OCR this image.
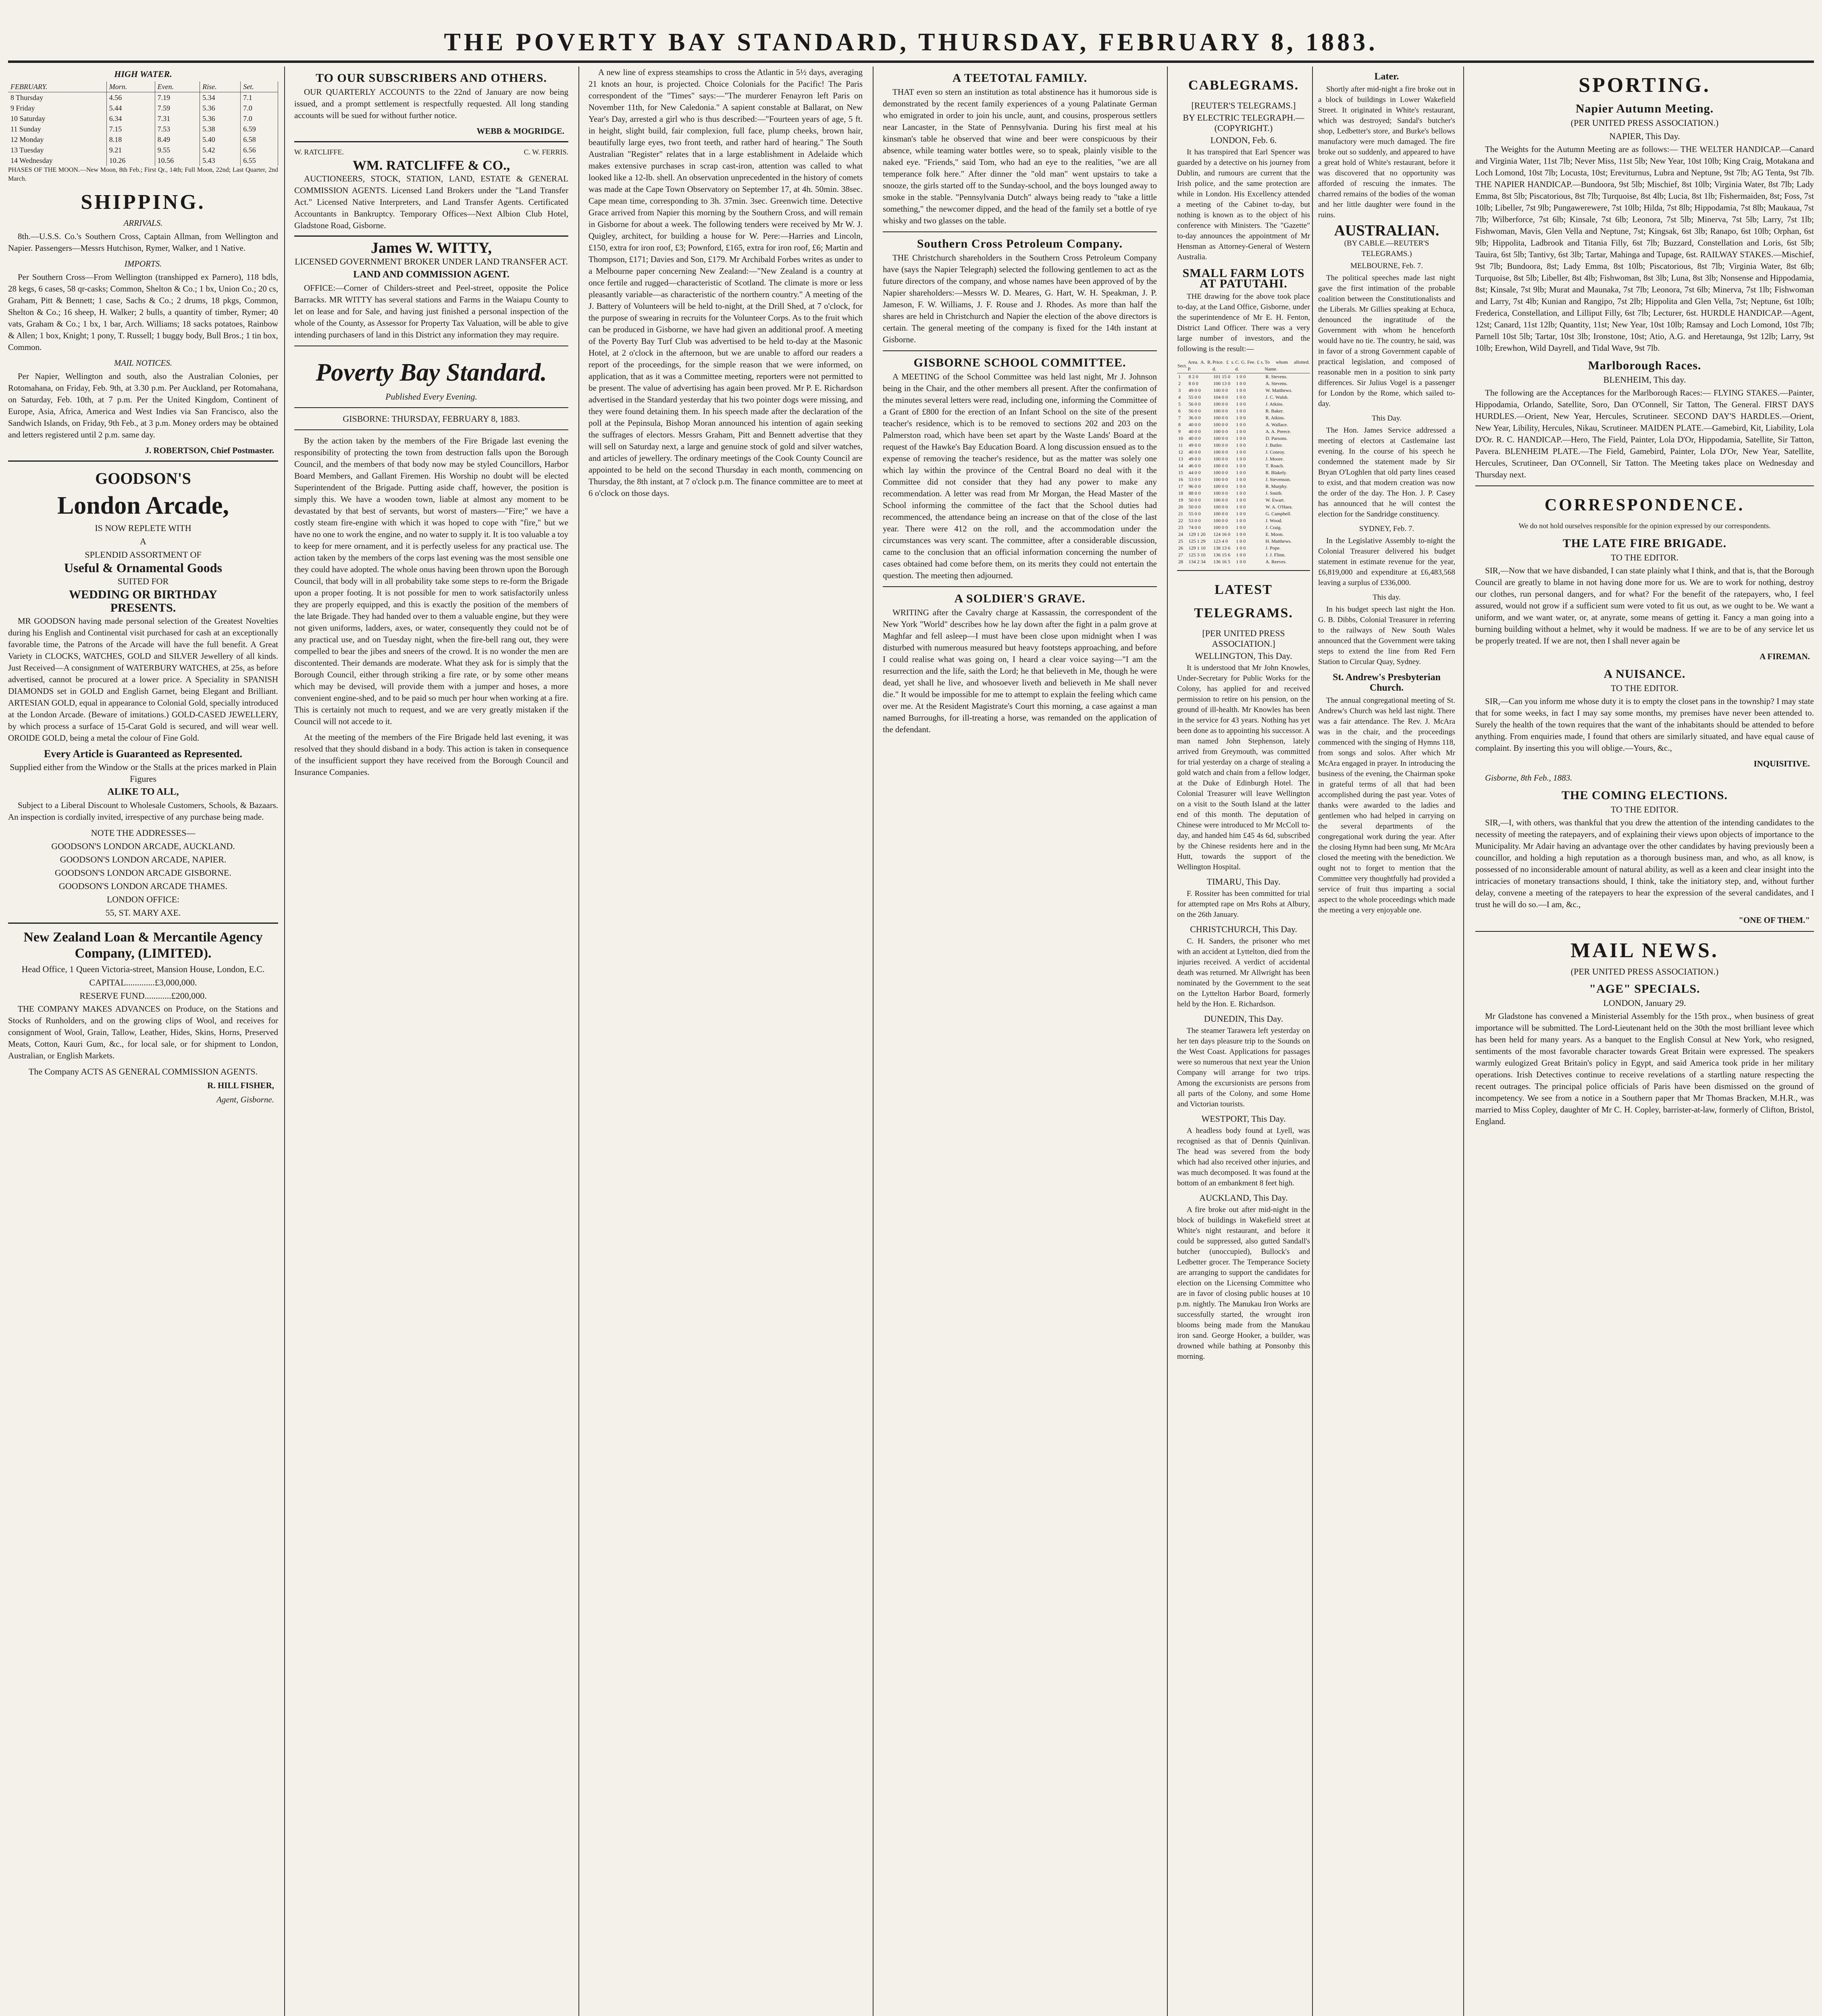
THE POVERTY BAY STANDARD, THURSDAY, FEBRUARY 8, 1883.
HIGH WATER.
FEBRUARY.	Morn.	Even.	Rise.	Set.
8 Thursday	4.56	7.19	5.34	7.1
9 Friday	5.44	7.59	5.36	7.0
10 Saturday	6.34	7.31	5.36	7.0
11 Sunday	7.15	7.53	5.38	6.59
12 Monday	8.18	8.49	5.40	6.58
13 Tuesday	9.21	9.55	5.42	6.56
14 Wednesday	10.26	10.56	5.43	6.55
PHASES OF THE MOON.—New Moon, 8th Feb.; First Qr., 14th; Full Moon, 22nd; Last Quarter, 2nd March.
SHIPPING.
ARRIVALS.

8th.—U.S.S. Co.'s Southern Cross, Captain Allman, from Wellington and Napier. Passengers—Messrs Hutchison, Rymer, Walker, and 1 Native.

IMPORTS.

Per Southern Cross—From Wellington (transhipped ex Parnero), 118 bdls, 28 kegs, 6 cases, 58 qr-casks; Common, Shelton & Co.; 1 bx, Union Co.; 20 cs, Graham, Pitt & Bennett; 1 case, Sachs & Co.; 2 drums, 18 pkgs, Common, Shelton & Co.; 16 sheep, H. Walker; 2 bulls, a quantity of timber, Rymer; 40 vats, Graham & Co.; 1 bx, 1 bar, Arch. Williams; 18 sacks potatoes, Rainbow & Allen; 1 box, Knight; 1 pony, T. Russell; 1 buggy body, Bull Bros.; 1 tin box, Common.

MAIL NOTICES.

Per Napier, Wellington and south, also the Australian Colonies, per Rotomahana, on Friday, Feb. 9th, at 3.30 p.m. Per Auckland, per Rotomahana, on Saturday, Feb. 10th, at 7 p.m. Per the United Kingdom, Continent of Europe, Asia, Africa, America and West Indies via San Francisco, also the Sandwich Islands, on Friday, 9th Feb., at 3 p.m. Money orders may be obtained and letters registered until 2 p.m. same day.

J. ROBERTSON, Chief Postmaster.

GOODSON'S
London Arcade,
IS NOW REPLETE WITH
A
SPLENDID ASSORTMENT OF
Useful & Ornamental Goods
SUITED FOR
WEDDING OR BIRTHDAY
PRESENTS.

MR GOODSON having made personal selection of the Greatest Novelties during his English and Continental visit purchased for cash at an exceptionally favorable time, the Patrons of the Arcade will have the full benefit. A Great Variety in CLOCKS, WATCHES, GOLD and SILVER Jewellery of all kinds. Just Received—A consignment of WATERBURY WATCHES, at 25s, as before advertised, cannot be procured at a lower price. A Speciality in SPANISH DIAMONDS set in GOLD and English Garnet, being Elegant and Brilliant. ARTESIAN GOLD, equal in appearance to Colonial Gold, specially introduced at the London Arcade. (Beware of imitations.) GOLD-CASED JEWELLERY, by which process a surface of 15-Carat Gold is secured, and will wear well. OROIDE GOLD, being a metal the colour of Fine Gold.

Every Article is Guaranteed as Represented.
Supplied either from the Window or the Stalls at the prices marked in Plain Figures
ALIKE TO ALL,

Subject to a Liberal Discount to Wholesale Customers, Schools, & Bazaars. An inspection is cordially invited, irrespective of any purchase being made.

NOTE THE ADDRESSES—
GOODSON'S LONDON ARCADE, AUCKLAND.
GOODSON'S LONDON ARCADE, NAPIER.
GOODSON'S LONDON ARCADE GISBORNE.
GOODSON'S LONDON ARCADE THAMES.
LONDON OFFICE:
55, ST. MARY AXE.
New Zealand Loan & Mercantile Agency Company, (LIMITED).
Head Office, 1 Queen Victoria-street, Mansion House, London, E.C.
CAPITAL.............£3,000,000.
RESERVE FUND............£200,000.

THE COMPANY MAKES ADVANCES on Produce, on the Stations and Stocks of Runholders, and on the growing clips of Wool, and receives for consignment of Wool, Grain, Tallow, Leather, Hides, Skins, Horns, Preserved Meats, Cotton, Kauri Gum, &c., for local sale, or for shipment to London, Australian, or English Markets.

The Company ACTS AS GENERAL COMMISSION AGENTS.

R. HILL FISHER,

Agent, Gisborne.

TO OUR SUBSCRIBERS AND OTHERS.

OUR QUARTERLY ACCOUNTS to the 22nd of January are now being issued, and a prompt settlement is respectfully requested. All long standing accounts will be sued for without further notice.

WEBB & MOGRIDGE.

W. RATCLIFFE.	C. W. FERRIS.
WM. RATCLIFFE & CO.,

AUCTIONEERS, STOCK, STATION, LAND, ESTATE & GENERAL COMMISSION AGENTS. Licensed Land Brokers under the "Land Transfer Act." Licensed Native Interpreters, and Land Transfer Agents. Certificated Accountants in Bankruptcy. Temporary Offices—Next Albion Club Hotel, Gladstone Road, Gisborne.

James W. WITTY,
LICENSED GOVERNMENT BROKER UNDER LAND TRANSFER ACT.
LAND AND COMMISSION AGENT.

OFFICE:—Corner of Childers-street and Peel-street, opposite the Police Barracks. MR WITTY has several stations and Farms in the Waiapu County to let on lease and for Sale, and having just finished a personal inspection of the whole of the County, as Assessor for Property Tax Valuation, will be able to give intending purchasers of land in this District any information they may require.

Poverty Bay Standard.
Published Every Evening.
GISBORNE: THURSDAY, FEBRUARY 8, 1883.

By the action taken by the members of the Fire Brigade last evening the responsibility of protecting the town from destruction falls upon the Borough Council, and the members of that body now may be styled Councillors, Harbor Board Members, and Gallant Firemen. His Worship no doubt will be elected Superintendent of the Brigade. Putting aside chaff, however, the position is simply this. We have a wooden town, liable at almost any moment to be devastated by that best of servants, but worst of masters—"Fire;" we have a costly steam fire-engine with which it was hoped to cope with "fire," but we have no one to work the engine, and no water to supply it. It is too valuable a toy to keep for mere ornament, and it is perfectly useless for any practical use. The action taken by the members of the corps last evening was the most sensible one they could have adopted. The whole onus having been thrown upon the Borough Council, that body will in all probability take some steps to re-form the Brigade upon a proper footing. It is not possible for men to work satisfactorily unless they are properly equipped, and this is exactly the position of the members of the late Brigade. They had handed over to them a valuable engine, but they were not given uniforms, ladders, axes, or water, consequently they could not be of any practical use, and on Tuesday night, when the fire-bell rang out, they were compelled to bear the jibes and sneers of the crowd. It is no wonder the men are discontented. Their demands are moderate. What they ask for is simply that the Borough Council, either through striking a fire rate, or by some other means which may be devised, will provide them with a jumper and hoses, a more convenient engine-shed, and to be paid so much per hour when working at a fire. This is certainly not much to request, and we are very greatly mistaken if the Council will not accede to it.

At the meeting of the members of the Fire Brigade held last evening, it was resolved that they should disband in a body. This action is taken in consequence of the insufficient support they have received from the Borough Council and Insurance Companies.

A new line of express steamships to cross the Atlantic in 5½ days, averaging 21 knots an hour, is projected. Choice Colonials for the Pacific! The Paris correspondent of the "Times" says:—"The murderer Fenayron left Paris on November 11th, for New Caledonia." A sapient constable at Ballarat, on New Year's Day, arrested a girl who is thus described:—"Fourteen years of age, 5 ft. in height, slight build, fair complexion, full face, plump cheeks, brown hair, beautifully large eyes, two front teeth, and rather hard of hearing." The South Australian "Register" relates that in a large establishment in Adelaide which makes extensive purchases in scrap cast-iron, attention was called to what looked like a 12-lb. shell. An observation unprecedented in the history of comets was made at the Cape Town Observatory on September 17, at 4h. 50min. 38sec. Cape mean time, corresponding to 3h. 37min. 3sec. Greenwich time. Detective Grace arrived from Napier this morning by the Southern Cross, and will remain in Gisborne for about a week. The following tenders were received by Mr W. J. Quigley, architect, for building a house for W. Pere:—Harries and Lincoln, £150, extra for iron roof, £3; Pownford, £165, extra for iron roof, £6; Martin and Thompson, £171; Davies and Son, £179. Mr Archibald Forbes writes as under to a Melbourne paper concerning New Zealand:—"New Zealand is a country at once fertile and rugged—characteristic of Scotland. The climate is more or less pleasantly variable—as characteristic of the northern country." A meeting of the J. Battery of Volunteers will be held to-night, at the Drill Shed, at 7 o'clock, for the purpose of swearing in recruits for the Volunteer Corps. As to the fruit which can be produced in Gisborne, we have had given an additional proof. A meeting of the Poverty Bay Turf Club was advertised to be held to-day at the Masonic Hotel, at 2 o'clock in the afternoon, but we are unable to afford our readers a report of the proceedings, for the simple reason that we were informed, on application, that as it was a Committee meeting, reporters were not permitted to be present. The value of advertising has again been proved. Mr P. E. Richardson advertised in the Standard yesterday that his two pointer dogs were missing, and they were found detaining them. In his speech made after the declaration of the poll at the Pepinsula, Bishop Moran announced his intention of again seeking the suffrages of electors. Messrs Graham, Pitt and Bennett advertise that they will sell on Saturday next, a large and genuine stock of gold and silver watches, and articles of jewellery. The ordinary meetings of the Cook County Council are appointed to be held on the second Thursday in each month, commencing on Thursday, the 8th instant, at 7 o'clock p.m. The finance committee are to meet at 6 o'clock on those days.

A TEETOTAL FAMILY.

THAT even so stern an institution as total abstinence has it humorous side is demonstrated by the recent family experiences of a young Palatinate German who emigrated in order to join his uncle, aunt, and cousins, prosperous settlers near Lancaster, in the State of Pennsylvania. During his first meal at his kinsman's table he observed that wine and beer were conspicuous by their absence, while teaming water bottles were, so to speak, plainly visible to the naked eye. "Friends," said Tom, who had an eye to the realities, "we are all temperance folk here." After dinner the "old man" went upstairs to take a snooze, the girls started off to the Sunday-school, and the boys lounged away to smoke in the stable. "Pennsylvania Dutch" always being ready to "take a little something," the newcomer dipped, and the head of the family set a bottle of rye whisky and two glasses on the table.

Southern Cross Petroleum Company.

THE Christchurch shareholders in the Southern Cross Petroleum Company have (says the Napier Telegraph) selected the following gentlemen to act as the future directors of the company, and whose names have been approved of by the Napier shareholders:—Messrs W. D. Meares, G. Hart, W. H. Speakman, J. P. Jameson, F. W. Williams, J. F. Rouse and J. Rhodes. As more than half the shares are held in Christchurch and Napier the election of the above directors is certain. The general meeting of the company is fixed for the 14th instant at Gisborne.

GISBORNE SCHOOL COMMITTEE.

A MEETING of the School Committee was held last night, Mr J. Johnson being in the Chair, and the other members all present. After the confirmation of the minutes several letters were read, including one, informing the Committee of a Grant of £800 for the erection of an Infant School on the site of the present teacher's residence, which is to be removed to sections 202 and 203 on the Palmerston road, which have been set apart by the Waste Lands' Board at the request of the Hawke's Bay Education Board. A long discussion ensued as to the expense of removing the teacher's residence, but as the matter was solely one which lay within the province of the Central Board no deal with it the Committee did not consider that they had any power to make any recommendation. A letter was read from Mr Morgan, the Head Master of the School informing the committee of the fact that the School duties had recommenced, the attendance being an increase on that of the close of the last year. There were 412 on the roll, and the accommodation under the circumstances was very scant. The committee, after a considerable discussion, came to the conclusion that an official information concerning the number of cases obtained had come before them, on its merits they could not entertain the question. The meeting then adjourned.

A SOLDIER'S GRAVE.

WRITING after the Cavalry charge at Kassassin, the correspondent of the New York "World" describes how he lay down after the fight in a palm grove at Maghfar and fell asleep—I must have been close upon midnight when I was disturbed with numerous measured but heavy footsteps approaching, and before I could realise what was going on, I heard a clear voice saying—"I am the resurrection and the life, saith the Lord; he that believeth in Me, though he were dead, yet shall he live, and whosoever liveth and believeth in Me shall never die." It would be impossible for me to attempt to explain the feeling which came over me. At the Resident Magistrate's Court this morning, a case against a man named Burroughs, for ill-treating a horse, was remanded on the application of the defendant.

CABLEGRAMS.
[REUTER'S TELEGRAMS.]
BY ELECTRIC TELEGRAPH.—(COPYRIGHT.)
LONDON, Feb. 6.

It has transpired that Earl Spencer was guarded by a detective on his journey from Dublin, and rumours are current that the Irish police, and the same protection are while in London. His Excellency attended a meeting of the Cabinet to-day, but nothing is known as to the object of his conference with Ministers. The "Gazette" to-day announces the appointment of Mr Hensman as Attorney-General of Western Australia.

SMALL FARM LOTS AT PATUTAHI.

THE drawing for the above took place to-day, at the Land Office, Gisborne, under the superintendence of Mr E. H. Fenton, District Land Officer. There was a very large number of investors, and the following is the result:—

Sect.	Area. A. R. P.	Price. £ s. d.	C. G. Fee. £ s. d.	To whom allotted. Name.
1	8 2 0	101 15 0	1 0 0	R. Stevens.
2	8 0 0	100 13 0	1 0 0	A. Stevens.
3	49 0 0	100 0 0	1 0 0	W. Matthews.
4	55 0 0	104 0 0	1 0 0	J. C. Walsh.
5	56 0 0	100 0 0	1 0 0	J. Atkins.
6	56 0 0	100 0 0	1 0 0	R. Baker.
7	36 0 0	100 0 0	1 0 0	R. Atkins.
8	40 0 0	100 0 0	1 0 0	A. Wallace.
9	40 0 0	100 0 0	1 0 0	A. A. Preece.
10	40 0 0	100 0 0	1 0 0	D. Parsons.
11	49 0 0	100 0 0	1 0 0	J. Butler.
12	40 0 0	100 0 0	1 0 0	J. Conroy.
13	49 0 0	100 0 0	1 0 0	J. Moore.
14	46 0 0	100 0 0	1 0 0	T. Roach.
15	44 0 0	100 0 0	1 0 0	R. Blakely.
16	53 0 0	100 0 0	1 0 0	J. Stevenson.
17	96 0 0	100 0 0	1 0 0	R. Murphy.
18	88 0 0	100 0 0	1 0 0	J. Smith.
19	50 0 0	100 0 0	1 0 0	W. Ewart.
20	50 0 0	100 0 0	1 0 0	W. A. O'Hara.
21	55 0 0	100 0 0	1 0 0	G. Campbell.
22	53 0 0	100 0 0	1 0 0	J. Wood.
23	74 0 0	100 0 0	1 0 0	J. Craig.
24	129 1 20	124 16 0	1 0 0	E. Moon.
25	125 1 29	123 4 0	1 0 0	H. Matthews.
26	129 1 10	138 13 6	1 0 0	J. Pope.
27	125 3 10	136 15 6	1 0 0	J. J. Flinn.
28	134 2 34	136 16 5	1 0 0	A. Reeves.
LATEST TELEGRAMS.
[PER UNITED PRESS ASSOCIATION.]
WELLINGTON, This Day.

It is understood that Mr John Knowles, Under-Secretary for Public Works for the Colony, has applied for and received permission to retire on his pension, on the ground of ill-health. Mr Knowles has been in the service for 43 years. Nothing has yet been done as to appointing his successor. A man named John Stephenson, lately arrived from Greymouth, was committed for trial yesterday on a charge of stealing a gold watch and chain from a fellow lodger, at the Duke of Edinburgh Hotel. The Colonial Treasurer will leave Wellington on a visit to the South Island at the latter end of this month. The deputation of Chinese were introduced to Mr McColl to-day, and handed him £45 4s 6d, subscribed by the Chinese residents here and in the Hutt, towards the support of the Wellington Hospital.

TIMARU, This Day.

F. Rossiter has been committed for trial for attempted rape on Mrs Rohs at Albury, on the 26th January.

CHRISTCHURCH, This Day.

C. H. Sanders, the prisoner who met with an accident at Lyttelton, died from the injuries received. A verdict of accidental death was returned. Mr Allwright has been nominated by the Government to the seat on the Lyttelton Harbor Board, formerly held by the Hon. E. Richardson.

DUNEDIN, This Day.

The steamer Tarawera left yesterday on her ten days pleasure trip to the Sounds on the West Coast. Applications for passages were so numerous that next year the Union Company will arrange for two trips. Among the excursionists are persons from all parts of the Colony, and some Home and Victorian tourists.

WESTPORT, This Day.

A headless body found at Lyell, was recognised as that of Dennis Quinlivan. The head was severed from the body which had also received other injuries, and was much decomposed. It was found at the bottom of an embankment 8 feet high.

AUCKLAND, This Day.

A fire broke out after mid-night in the block of buildings in Wakefield street at White's night restaurant, and before it could be suppressed, also gutted Sandall's butcher (unoccupied), Bullock's and Ledbetter grocer. The Temperance Society are arranging to support the candidates for election on the Licensing Committee who are in favor of closing public houses at 10 p.m. nightly. The Manukau Iron Works are successfully started, the wrought iron blooms being made from the Manukau iron sand. George Hooker, a builder, was drowned while bathing at Ponsonby this morning.

SPORTING.
Napier Autumn Meeting.
(PER UNITED PRESS ASSOCIATION.)
NAPIER, This Day.

The Weights for the Autumn Meeting are as follows:— THE WELTER HANDICAP.—Canard and Virginia Water, 11st 7lb; Never Miss, 11st 5lb; New Year, 10st 10lb; King Craig, Motakana and Loch Lomond, 10st 7lb; Locusta, 10st; Ereviturnus, Lubra and Neptune, 9st 7lb; AG Tenta, 9st 7lb. THE NAPIER HANDICAP.—Bundoora, 9st 5lb; Mischief, 8st 10lb; Virginia Water, 8st 7lb; Lady Emma, 8st 5lb; Piscatorious, 8st 7lb; Turquoise, 8st 4lb; Lucia, 8st 1lb; Fishermaiden, 8st; Foss, 7st 10lb; Libeller, 7st 9lb; Pungawerewere, 7st 10lb; Hilda, 7st 8lb; Hippodamia, 7st 8lb; Maukaua, 7st 7lb; Wilberforce, 7st 6lb; Kinsale, 7st 6lb; Leonora, 7st 5lb; Minerva, 7st 5lb; Larry, 7st 1lb; Fishwoman, Mavis, Glen Vella and Neptune, 7st; Kingsak, 6st 3lb; Ranapo, 6st 10lb; Orphan, 6st 9lb; Hippolita, Ladbrook and Titania Filly, 6st 7lb; Buzzard, Constellation and Loris, 6st 5lb; Tauira, 6st 5lb; Tantivy, 6st 3lb; Tartar, Mahinga and Tupage, 6st. RAILWAY STAKES.—Mischief, 9st 7lb; Bundoora, 8st; Lady Emma, 8st 10lb; Piscatorious, 8st 7lb; Virginia Water, 8st 6lb; Turquoise, 8st 5lb; Libeller, 8st 4lb; Fishwoman, 8st 3lb; Luna, 8st 3lb; Nonsense and Hippodamia, 8st; Kinsale, 7st 9lb; Murat and Maunaka, 7st 7lb; Leonora, 7st 6lb; Minerva, 7st 1lb; Fishwoman and Larry, 7st 4lb; Kunian and Rangipo, 7st 2lb; Hippolita and Glen Vella, 7st; Neptune, 6st 10lb; Frederica, Constellation, and Lilliput Filly, 6st 7lb; Lecturer, 6st. HURDLE HANDICAP.—Agent, 12st; Canard, 11st 12lb; Quantity, 11st; New Year, 10st 10lb; Ramsay and Loch Lomond, 10st 7lb; Parnell 10st 5lb; Tartar, 10st 3lb; Ironstone, 10st; Atio, A.G. and Heretaunga, 9st 12lb; Larry, 9st 10lb; Erewhon, Wild Dayrell, and Tidal Wave, 9st 7lb.

Marlborough Races.
BLENHEIM, This day.

The following are the Acceptances for the Marlborough Races:— FLYING STAKES.—Painter, Hippodamia, Orlando, Satellite, Soro, Dan O'Connell, Sir Tatton, The General. FIRST DAYS HURDLES.—Orient, New Year, Hercules, Scrutineer. SECOND DAY'S HARDLES.—Orient, New Year, Libility, Hercules, Nikau, Scrutineer. MAIDEN PLATE.—Gamebird, Kit, Liability, Lola D'Or. R. C. HANDICAP.—Hero, The Field, Painter, Lola D'Or, Hippodamia, Satellite, Sir Tatton, Pavera. BLENHEIM PLATE.—The Field, Gamebird, Painter, Lola D'Or, New Year, Satellite, Hercules, Scrutineer, Dan O'Connell, Sir Tatton. The Meeting takes place on Wednesday and Thursday next.

CORRESPONDENCE.
We do not hold ourselves responsible for the opinion expressed by our correspondents.
THE LATE FIRE BRIGADE.
TO THE EDITOR.

SIR,—Now that we have disbanded, I can state plainly what I think, and that is, that the Borough Council are greatly to blame in not having done more for us. We are to work for nothing, destroy our clothes, run personal dangers, and for what? For the benefit of the ratepayers, who, I feel assured, would not grow if a sufficient sum were voted to fit us out, as we ought to be. We want a uniform, and we want water, or, at anyrate, some means of getting it. Fancy a man going into a burning building without a helmet, why it would be madness. If we are to be of any service let us be properly treated. If we are not, then I shall never again be

A FIREMAN.

A NUISANCE.
TO THE EDITOR.

SIR,—Can you inform me whose duty it is to empty the closet pans in the township? I may state that for some weeks, in fact I may say some months, my premises have never been attended to. Surely the health of the town requires that the want of the inhabitants should be attended to before anything. From enquiries made, I found that others are similarly situated, and have equal cause of complaint. By inserting this you will oblige.—Yours, &c.,

INQUISITIVE.

Gisborne, 8th Feb., 1883.

THE COMING ELECTIONS.
TO THE EDITOR.

SIR,—I, with others, was thankful that you drew the attention of the intending candidates to the necessity of meeting the ratepayers, and of explaining their views upon objects of importance to the Municipality. Mr Adair having an advantage over the other candidates by having previously been a councillor, and holding a high reputation as a thorough business man, and who, as all know, is possessed of no inconsiderable amount of natural ability, as well as a keen and clear insight into the intricacies of monetary transactions should, I think, take the initiatory step, and, without further delay, convene a meeting of the ratepayers to hear the expression of the several candidates, and I trust he will do so.—I am, &c.,

"ONE OF THEM."

MAIL NEWS.
(PER UNITED PRESS ASSOCIATION.)
"AGE" SPECIALS.
LONDON, January 29.

Mr Gladstone has convened a Ministerial Assembly for the 15th prox., when business of great importance will be submitted. The Lord-Lieutenant held on the 30th the most brilliant levee which has been held for many years. As a banquet to the English Consul at New York, who resigned, sentiments of the most favorable character towards Great Britain were expressed. The speakers warmly eulogized Great Britain's policy in Egypt, and said America took pride in her military operations. Irish Detectives continue to receive revelations of a startling nature respecting the recent outrages. The principal police officials of Paris have been dismissed on the ground of incompetency. We see from a notice in a Southern paper that Mr Thomas Bracken, M.H.R., was married to Miss Copley, daughter of Mr C. H. Copley, barrister-at-law, formerly of Clifton, Bristol, England.

Later.
Shortly after mid-night a fire broke out in a block of buildings in Lower Wakefield Street. It originated in White's restaurant, which was destroyed; Sandal's butcher's shop, Ledbetter's store, and Burke's bellows manufactory were much damaged. The fire broke out so suddenly, and appeared to have a great hold of White's restaurant, before it was discovered that no opportunity was afforded of rescuing the inmates. The charred remains of the bodies of the woman and her little daughter were found in the ruins.
AUSTRALIAN.
(BY CABLE.—REUTER'S TELEGRAMS.)
MELBOURNE, Feb. 7.
The political speeches made last night gave the first intimation of the probable coalition between the Constitutionalists and the Liberals. Mr Gillies speaking at Echuca, denounced the ingratitude of the Government with whom he henceforth would have no tie. The country, he said, was in favor of a strong Government capable of practical legislation, and composed of reasonable men in a position to sink party differences. Sir Julius Vogel is a passenger for London by the Rome, which sailed to-day.
This Day.
The Hon. James Service addressed a meeting of electors at Castlemaine last evening. In the course of his speech he condemned the statement made by Sir Bryan O'Loghlen that old party lines ceased to exist, and that modern creation was now the order of the day. The Hon. J. P. Casey has announced that he will contest the election for the Sandridge constituency.
SYDNEY, Feb. 7.
In the Legislative Assembly to-night the Colonial Treasurer delivered his budget statement in estimate revenue for the year, £6,819,000 and expenditure at £6,483,568 leaving a surplus of £336,000.
This day.
In his budget speech last night the Hon. G. B. Dibbs, Colonial Treasurer in referring to the railways of New South Wales announced that the Government were taking steps to extend the line from Red Fern Station to Circular Quay, Sydney.
St. Andrew's Presbyterian Church.
The annual congregational meeting of St. Andrew's Church was held last night. There was a fair attendance. The Rev. J. McAra was in the chair, and the proceedings commenced with the singing of Hymns 118, from songs and solos. After which Mr McAra engaged in prayer. In introducing the business of the evening, the Chairman spoke in grateful terms of all that had been accomplished during the past year. Votes of thanks were awarded to the ladies and gentlemen who had helped in carrying on the several departments of the congregational work during the year. After the closing Hymn had been sung, Mr McAra closed the meeting with the benediction. We ought not to forget to mention that the Committee very thoughtfully had provided a service of fruit thus imparting a social aspect to the whole proceedings which made the meeting a very enjoyable one.
